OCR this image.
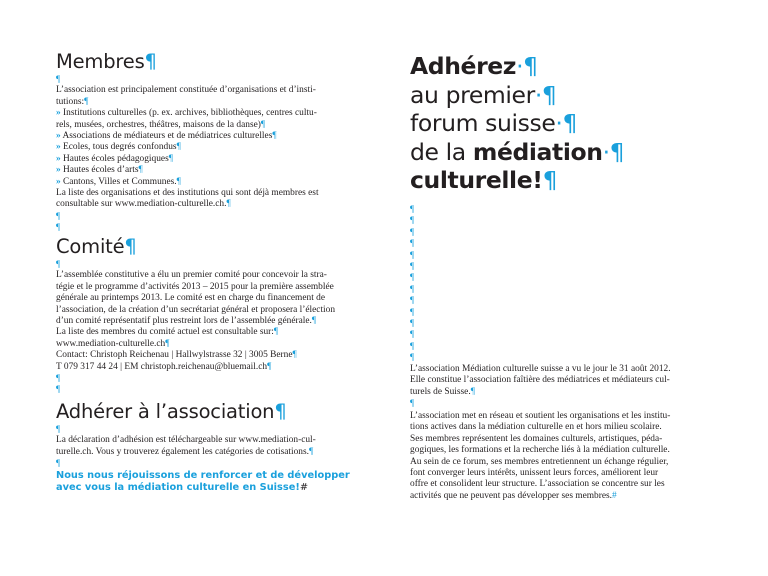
Membres¶

¶

L’association est principalement constituée d’organisations et d’insti-

tutions:¶

» Institutions culturelles (p. ex. archives, bibliothèques, centres cultu-

rels, musées, orchestres, théâtres, maisons de la danse)¶

» Associations de médiateurs et de médiatrices culturelles¶

» Ecoles, tous degrés confondus¶

» Hautes écoles pédagogiques¶

» Hautes écoles d’arts¶

» Cantons, Villes et Communes.¶

La liste des organisations et des institutions qui sont déjà membres est

consultable sur www.mediation-culturelle.ch.¶

¶

¶

Comité¶

¶

L’assemblée constitutive a élu un premier comité pour concevoir la stra-

tégie et le programme d’activités 2013 – 2015 pour la première assemblée

générale au printemps 2013. Le comité est en charge du financement de

l’association, de la création d’un secrétariat général et proposera l’élection

d’un comité représentatif plus restreint lors de l’assemblée générale.¶

La liste des membres du comité actuel est consultable sur:¶

www.mediation-culturelle.ch¶

Contact: Christoph Reichenau | Hallwylstrasse 32 | 3005 Berne¶

T 079 317 44 24 | EM christoph.reichenau@bluemail.ch¶

¶

¶

Adhérer à l’association¶

¶

La déclaration d’adhésion est téléchargeable sur www.mediation-cul-

turelle.ch. Vous y trouverez également les catégories de cotisations.¶

¶

Nous nous réjouissons de renforcer et de développer

avec vous la médiation culturelle en Suisse!#

Adhérez·¶

au premier·¶

forum suisse·¶

de la médiation·¶

culturelle!¶

¶

¶

¶

¶

¶

¶

¶

¶

¶

¶

¶

¶

¶

¶

L’association Médiation culturelle suisse a vu le jour le 31 août 2012.

Elle constitue l’association faîtière des médiatrices et médiateurs cul-

turels de Suisse.¶

¶

L’association met en réseau et soutient les organisations et les institu-

tions actives dans la médiation culturelle en et hors milieu scolaire.

Ses membres représentent les domaines culturels, artistiques, péda-

gogiques, les formations et la recherche liés à la médiation culturelle.

Au sein de ce forum, ses membres entretiennent un échange régulier,

font converger leurs intérêts, unissent leurs forces, améliorent leur

offre et consolident leur structure. L’association se concentre sur les

activités que ne peuvent pas développer ses membres.#
